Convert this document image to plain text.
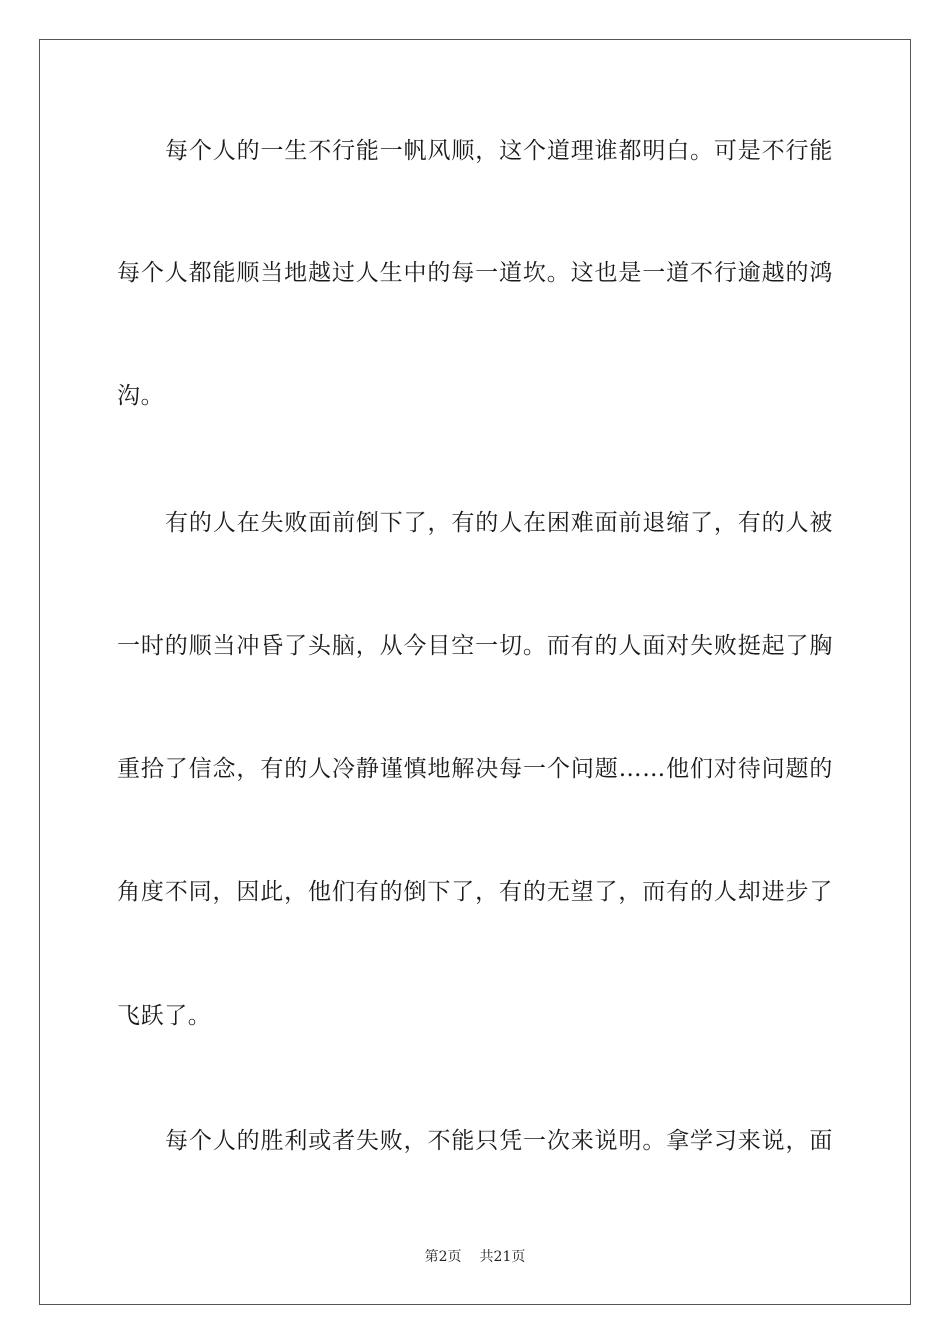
每个人的一生不行能一帆风顺，这个道理谁都明白。可是不行能
每个人都能顺当地越过人生中的每一道坎。这也是一道不行逾越的鸿
沟。
有的人在失败面前倒下了，有的人在困难面前退缩了，有的人被
一时的顺当冲昏了头脑，从今目空一切。而有的人面对失败挺起了胸
重拾了信念，有的人冷静谨慎地解决每一个问题……他们对待问题的
角度不同，因此，他们有的倒下了，有的无望了，而有的人却进步了
飞跃了。
每个人的胜利或者失败，不能只凭一次来说明。拿学习来说，面
第2页 共21页
